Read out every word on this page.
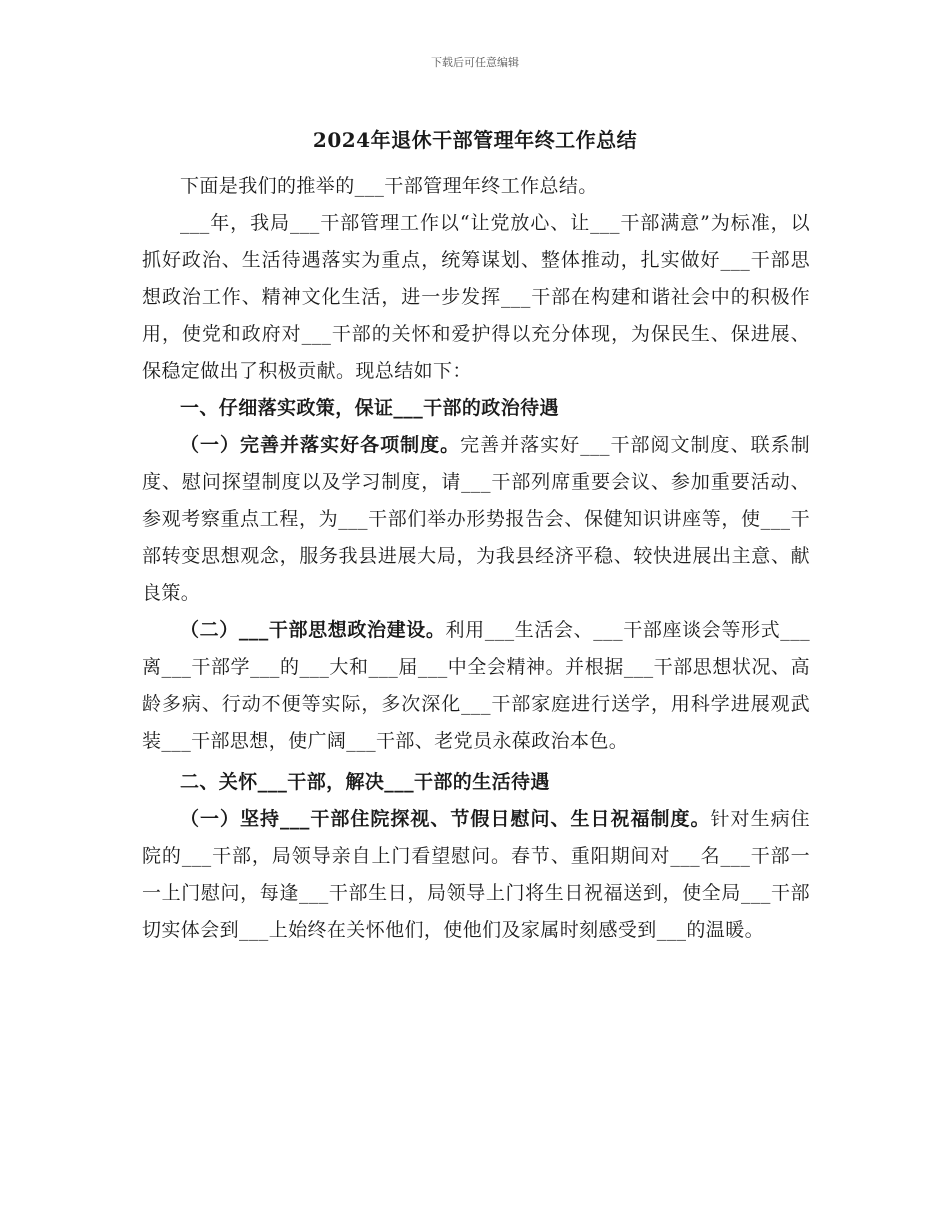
下载后可任意编辑
2024年退休干部管理年终工作总结

下面是我们的推举的___干部管理年终工作总结。

___年，我局___干部管理工作以“让党放心、让___干部满意”为标准，以抓好政治、生活待遇落实为重点，统筹谋划、整体推动，扎实做好___干部思想政治工作、精神文化生活，进一步发挥___干部在构建和谐社会中的积极作用，使党和政府对___干部的关怀和爱护得以充分体现，为保民生、保进展、保稳定做出了积极贡献。现总结如下：

一、仔细落实政策，保证___干部的政治待遇

（一）完善并落实好各项制度。完善并落实好___干部阅文制度、联系制度、慰问探望制度以及学习制度，请___干部列席重要会议、参加重要活动、参观考察重点工程，为___干部们举办形势报告会、保健知识讲座等，使___干部转变思想观念，服务我县进展大局，为我县经济平稳、较快进展出主意、献良策。

（二）___干部思想政治建设。利用___生活会、___干部座谈会等形式___离___干部学___的___大和___届___中全会精神。并根据___干部思想状况、高龄多病、行动不便等实际，多次深化___干部家庭进行送学，用科学进展观武装___干部思想，使广阔___干部、老党员永葆政治本色。

二、关怀___干部，解决___干部的生活待遇

（一）坚持___干部住院探视、节假日慰问、生日祝福制度。针对生病住院的___干部，局领导亲自上门看望慰问。春节、重阳期间对___名___干部一一上门慰问，每逢___干部生日，局领导上门将生日祝福送到，使全局___干部切实体会到___上始终在关怀他们，使他们及家属时刻感受到___的温暖。
